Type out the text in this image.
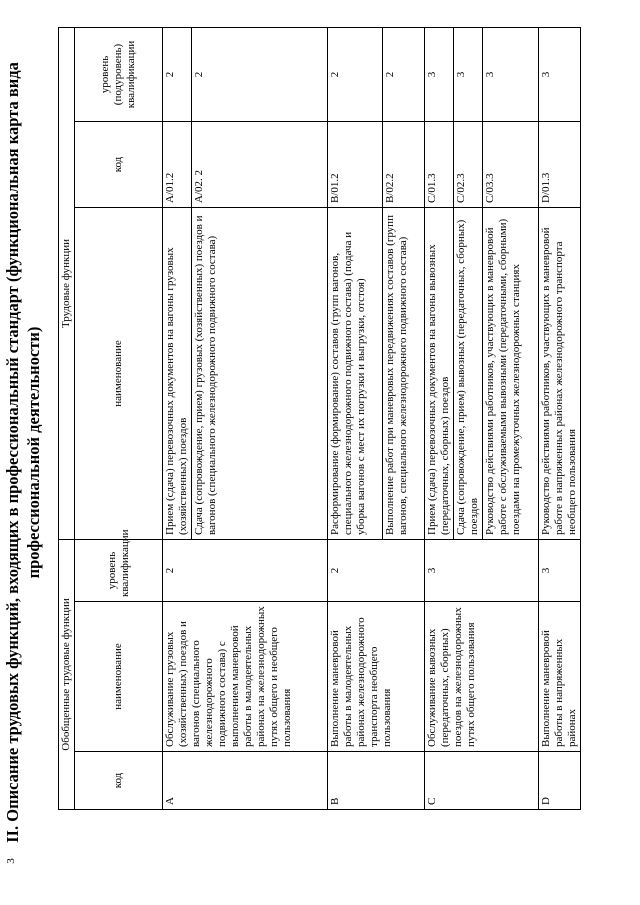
3
II. Описание трудовых функций, входящих в профессиональный стандарт (функциональная карта вида профессиональной деятельности)
Обобщенные трудовые функции			Трудовые функции		
код	наименование	уровень квалификации	наименование	код	уровень (подуровень) квалификации
A	Обслуживание грузовых (хозяйственных) поездов и вагонов (специального железнодорожного подвижного состава) с выполнением маневровой работы в малодеятельных районах на железнодорожных путях общего и необщего пользования	2	Прием (сдача) перевозочных документов на вагоны грузовых (хозяйственных) поездов	A/01.2	2
			Сдача (сопровождение, прием) грузовых (хозяйственных) поездов и вагонов (специального железнодорожного подвижного состава)	A/02. 2	2
B	Выполнение маневровой работы в малодеятельных районах железнодорожного транспорта необщего пользования	2	Расформирование (формирование) составов (групп вагонов, специального железнодорожного подвижного состава) (подача и уборка вагонов с мест их погрузки и выгрузки, отстоя)	B/01.2	2
			Выполнение работ при маневровых передвижениях составов (групп вагонов, специального железнодорожного подвижного состава)	B/02.2	2
C	Обслуживание вывозных (передаточных, сборных) поездов на железнодорожных путях общего пользования	3	Прием (сдача) перевозочных документов на вагоны вывозных (передаточных, сборных) поездов	C/01.3	3
			Сдача (сопровождение, прием) вывозных (передаточных, сборных) поездов	C/02.3	3
			Руководство действиями работников, участвующих в маневровой работе с обслуживаемыми вывозными (передаточными, сборными) поездами на промежуточных железнодорожных станциях	C/03.3	3
D	Выполнение маневровой работы в напряженных районах	3	Руководство действиями работников, участвующих в маневровой работе в напряженных районах железнодорожного транспорта необщего пользования	D/01.3	3
